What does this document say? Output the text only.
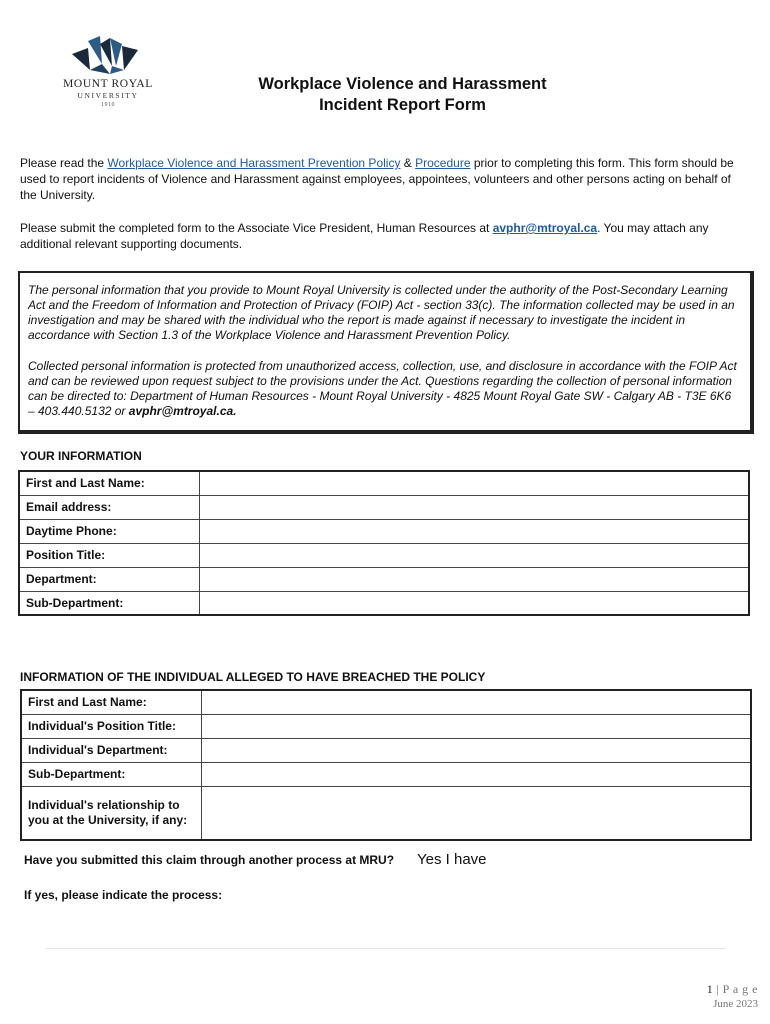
MOUNT ROYAL
UNIVERSITY
1910
Workplace Violence and Harassment
Incident Report Form
Please read the Workplace Violence and Harassment Prevention Policy & Procedure prior to completing this form. This form should be used to report incidents of Violence and Harassment against employees, appointees, volunteers and other persons acting on behalf of the University.
Please submit the completed form to the Associate Vice President, Human Resources at avphr@mtroyal.ca. You may attach any additional relevant supporting documents.

The personal information that you provide to Mount Royal University is collected under the authority of the Post-Secondary Learning Act and the Freedom of Information and Protection of Privacy (FOIP) Act - section 33(c). The information collected may be used in an investigation and may be shared with the individual who the report is made against if necessary to investigate the incident in accordance with Section 1.3 of the Workplace Violence and Harassment Prevention Policy.

Collected personal information is protected from unauthorized access, collection, use, and disclosure in accordance with the FOIP Act and can be reviewed upon request subject to the provisions under the Act. Questions regarding the collection of personal information can be directed to: Department of Human Resources - Mount Royal University - 4825 Mount Royal Gate SW - Calgary AB - T3E 6K6 – 403.440.5132 or avphr@mtroyal.ca.

YOUR INFORMATION
First and Last Name:	
Email address:	
Daytime Phone:	
Position Title:	
Department:	
Sub-Department:	
INFORMATION OF THE INDIVIDUAL ALLEGED TO HAVE BREACHED THE POLICY
First and Last Name:	
Individual's Position Title:	
Individual's Department:	
Sub-Department:	
Individual's relationship to you at the University, if any:	
Have you submitted this claim through another process at MRU? Yes I have
If yes, please indicate the process:
1 | P a g e
June 2023
